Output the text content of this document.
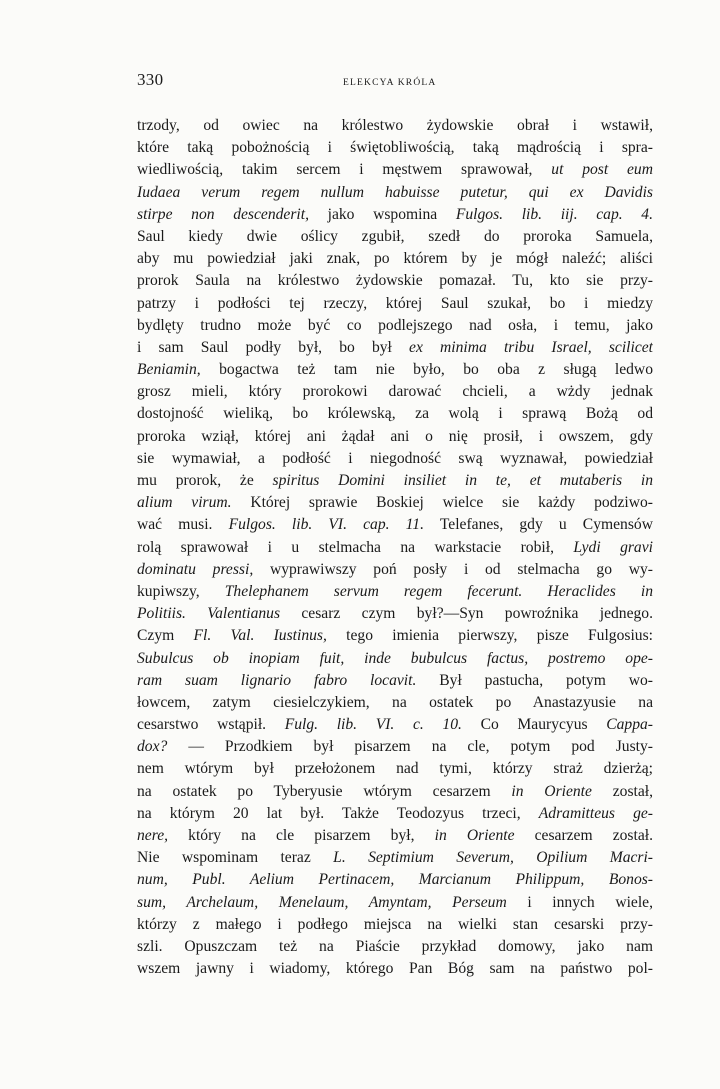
330	ELEKCYA KRÓLA
trzody, od owiec na królestwo żydowskie obrał i wstawił,
które taką pobożnością i świętobliwością, taką mądrością i spra-
wiedliwością, takim sercem i męstwem sprawował, ut post eum
Iudaea verum regem nullum habuisse putetur, qui ex Davidis
stirpe non descenderit, jako wspomina Fulgos. lib. iij. cap. 4.
Saul kiedy dwie oślicy zgubił, szedł do proroka Samuela,
aby mu powiedział jaki znak, po którem by je mógł naleźć; aliści
prorok Saula na królestwo żydowskie pomazał. Tu, kto sie przy-
patrzy i podłości tej rzeczy, której Saul szukał, bo i miedzy
bydlęty trudno może być co podlejszego nad osła, i temu, jako
i sam Saul podły był, bo był ex minima tribu Israel, scilicet
Beniamin, bogactwa też tam nie było, bo oba z sługą ledwo
grosz mieli, który prorokowi darować chcieli, a wżdy jednak
dostojność wieliką, bo królewską, za wolą i sprawą Bożą od
proroka wziął, której ani żądał ani o nię prosił, i owszem, gdy
sie wymawiał, a podłość i niegodność swą wyznawał, powiedział
mu prorok, że spiritus Domini insiliet in te, et mutaberis in
alium virum. Której sprawie Boskiej wielce sie każdy podziwo-
wać musi. Fulgos. lib. VI. cap. 11. Telefanes, gdy u Cymensów
rolą sprawował i u stelmacha na warkstacie robił, Lydi gravi
dominatu pressi, wyprawiwszy poń posły i od stelmacha go wy-
kupiwszy, Thelephanem servum regem fecerunt. Heraclides in
Politiis. Valentianus cesarz czym był?—Syn powroźnika jednego.
Czym Fl. Val. Iustinus, tego imienia pierwszy, pisze Fulgosius:
Subulcus ob inopiam fuit, inde bubulcus factus, postremo ope-
ram suam lignario fabro locavit. Był pastucha, potym wo-
łowcem, zatym ciesielczykiem, na ostatek po Anastazyusie na
cesarstwo wstąpił. Fulg. lib. VI. c. 10. Co Maurycyus Cappa-
dox? — Przodkiem był pisarzem na cle, potym pod Justy-
nem wtórym był przełożonem nad tymi, którzy straż dzierżą;
na ostatek po Tyberyusie wtórym cesarzem in Oriente został,
na którym 20 lat był. Także Teodozyus trzeci, Adramitteus ge-
nere, który na cle pisarzem był, in Oriente cesarzem został.
Nie wspominam teraz L. Septimium Severum, Opilium Macri-
num, Publ. Aelium Pertinacem, Marcianum Philippum, Bonos-
sum, Archelaum, Menelaum, Amyntam, Perseum i innych wiele,
którzy z małego i podłego miejsca na wielki stan cesarski przy-
szli. Opuszczam też na Piaście przykład domowy, jako nam
wszem jawny i wiadomy, którego Pan Bóg sam na państwo pol-
